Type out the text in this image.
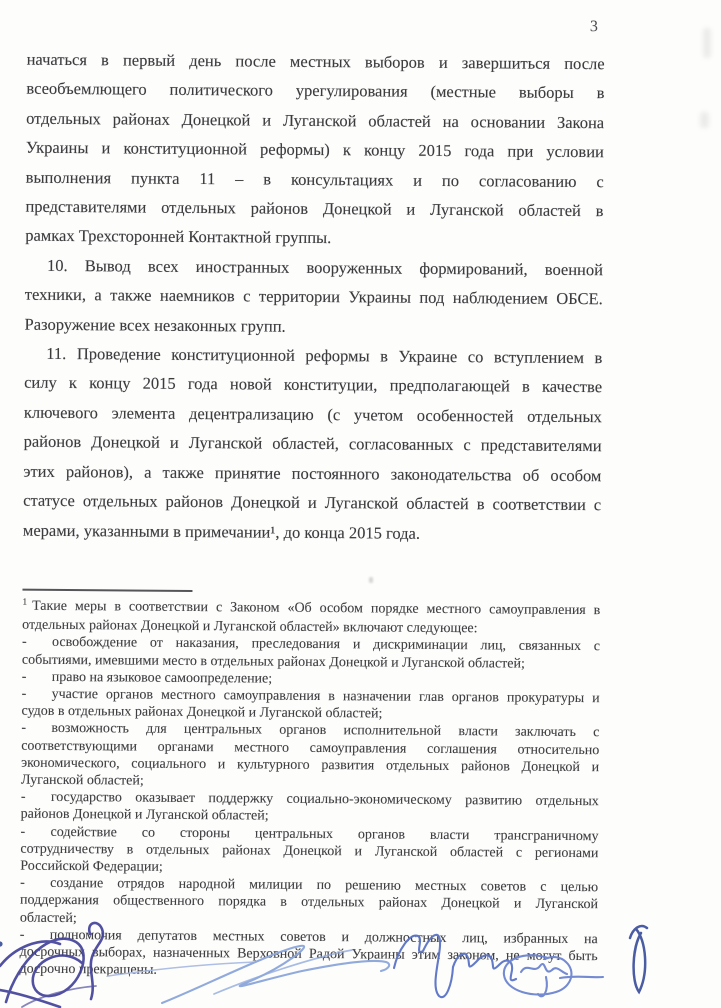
3
начаться в первый день после местных выборов и завершиться после
всеобъемлющего политического урегулирования (местные выборы в
отдельных районах Донецкой и Луганской областей на основании Закона
Украины и конституционной реформы) к концу 2015 года при условии
выполнения пункта 11 – в консультациях и по согласованию с
представителями отдельных районов Донецкой и Луганской областей в
рамках Трехсторонней Контактной группы.
10. Вывод всех иностранных вооруженных формирований, военной
техники, а также наемников с территории Украины под наблюдением ОБСЕ.
Разоружение всех незаконных групп.
11. Проведение конституционной реформы в Украине со вступлением в
силу к концу 2015 года новой конституции, предполагающей в качестве
ключевого элемента децентрализацию (с учетом особенностей отдельных
районов Донецкой и Луганской областей, согласованных с представителями
этих районов), а также принятие постоянного законодательства об особом
статусе отдельных районов Донецкой и Луганской областей в соответствии с
мерами, указанными в примечании¹, до конца 2015 года.
1 Такие меры в соответствии с Законом «Об особом порядке местного самоуправления в
отдельных районах Донецкой и Луганской областей» включают следующее:
- освобождение от наказания, преследования и дискриминации лиц, связанных с
событиями, имевшими место в отдельных районах Донецкой и Луганской областей;
- право на языковое самоопределение;
- участие органов местного самоуправления в назначении глав органов прокуратуры и
судов в отдельных районах Донецкой и Луганской областей;
- возможность для центральных органов исполнительной власти заключать с
соответствующими органами местного самоуправления соглашения относительно
экономического, социального и культурного развития отдельных районов Донецкой и
Луганской областей;
- государство оказывает поддержку социально-экономическому развитию отдельных
районов Донецкой и Луганской областей;
- содействие со стороны центральных органов власти трансграничному
сотрудничеству в отдельных районах Донецкой и Луганской областей с регионами
Российской Федерации;
- создание отрядов народной милиции по решению местных советов с целью
поддержания общественного порядка в отдельных районах Донецкой и Луганской
областей;
- полномочия депутатов местных советов и должностных лиц, избранных на
досрочных выборах, назначенных Верховной Радой Украины этим законом, не могут быть
досрочно прекращены.
